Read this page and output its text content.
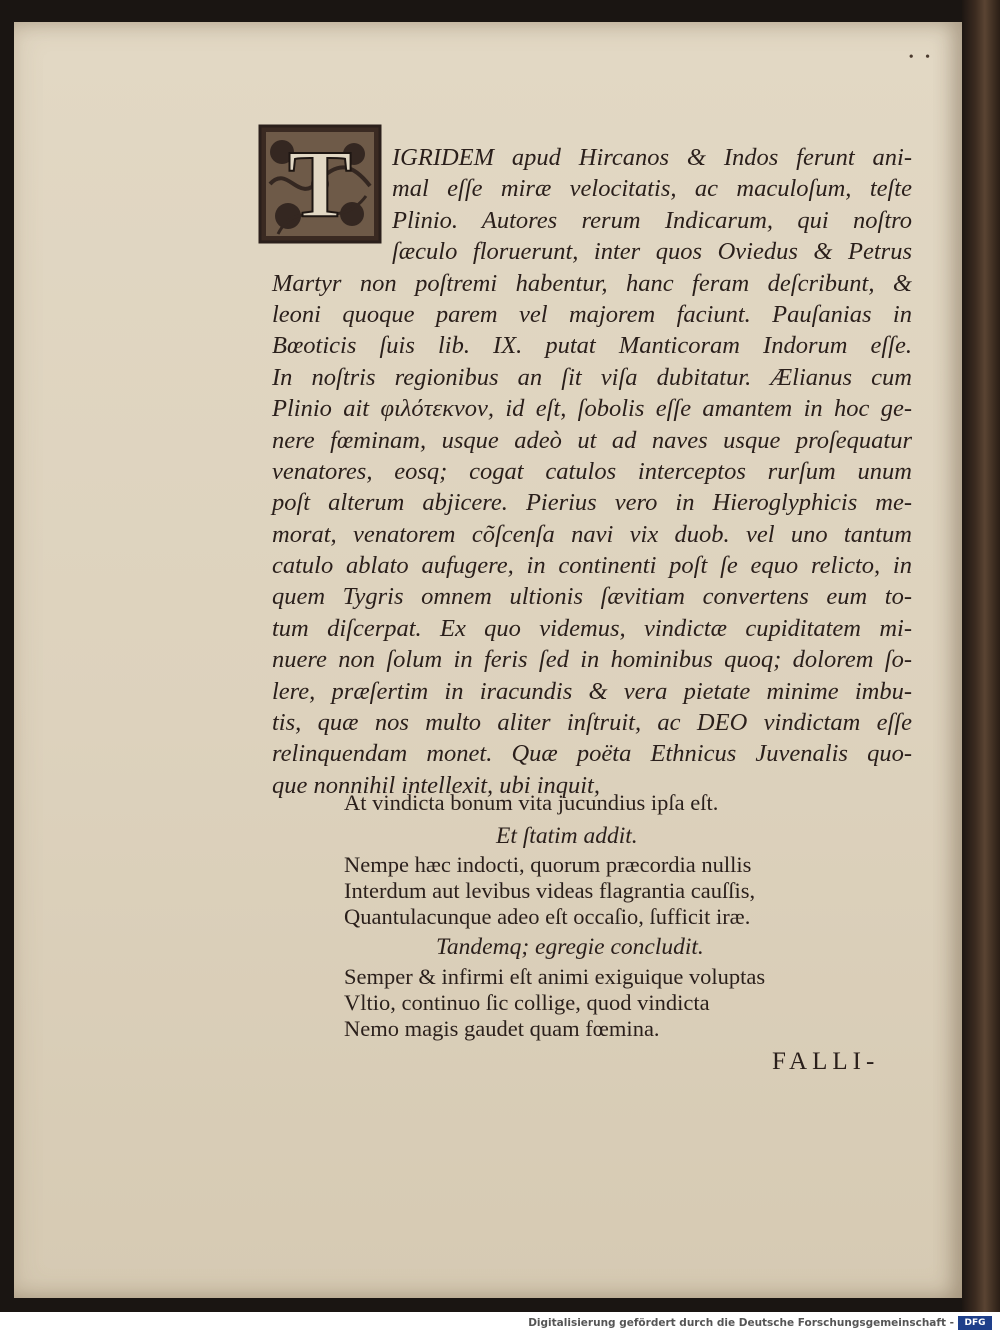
• •
T	IGRIDEM apud Hircanos & Indos ferunt ani-
mal eſſe miræ velocitatis, ac maculoſum, teſte
Plinio. Autores rerum Indicarum, qui noſtro
ſæculo floruerunt, inter quos Oviedus & Petrus
Martyr non poſtremi habentur, hanc feram deſcribunt, &
leoni quoque parem vel majorem faciunt. Pauſanias in
Bœoticis ſuis lib. IX. putat Manticoram Indorum eſſe.
In noſtris regionibus an ſit viſa dubitatur. Ælianus cum
Plinio ait φιλότεκνον, id eſt, ſobolis eſſe amantem in hoc ge-
nere fœminam, usque adeò ut ad naves usque proſequatur
venatores, eosq; cogat catulos interceptos rurſum unum
poſt alterum abjicere. Pierius vero in Hieroglyphicis me-
morat, venatorem cõſcenſa navi vix duob. vel uno tantum
catulo ablato aufugere, in continenti poſt ſe equo relicto, in
quem Tygris omnem ultionis ſævitiam convertens eum to-
tum diſcerpat. Ex quo videmus, vindictæ cupiditatem mi-
nuere non ſolum in feris ſed in hominibus quoq; dolorem ſo-
lere, præſertim in iracundis & vera pietate minime imbu-
tis, quæ nos multo aliter inſtruit, ac DEO vindictam eſſe
relinquendam monet. Quæ poëta Ethnicus Juvenalis quo-
que nonnihil intellexit, ubi inquit,
At vindicta bonum vita jucundius ipſa eſt.
Et ſtatim addit.
Nempe hæc indocti, quorum præcordia nullis
Interdum aut levibus videas flagrantia cauſſis,
Quantulacunque adeo eſt occaſio, ſufficit iræ.
Tandemq; egregie concludit.
Semper & infirmi eſt animi exiguique voluptas
Vltio, continuo ſic collige, quod vindicta
Nemo magis gaudet quam fœmina.
FALLI-
Digitalisierung gefördert durch die Deutsche Forschungsgemeinschaft -	DFG
